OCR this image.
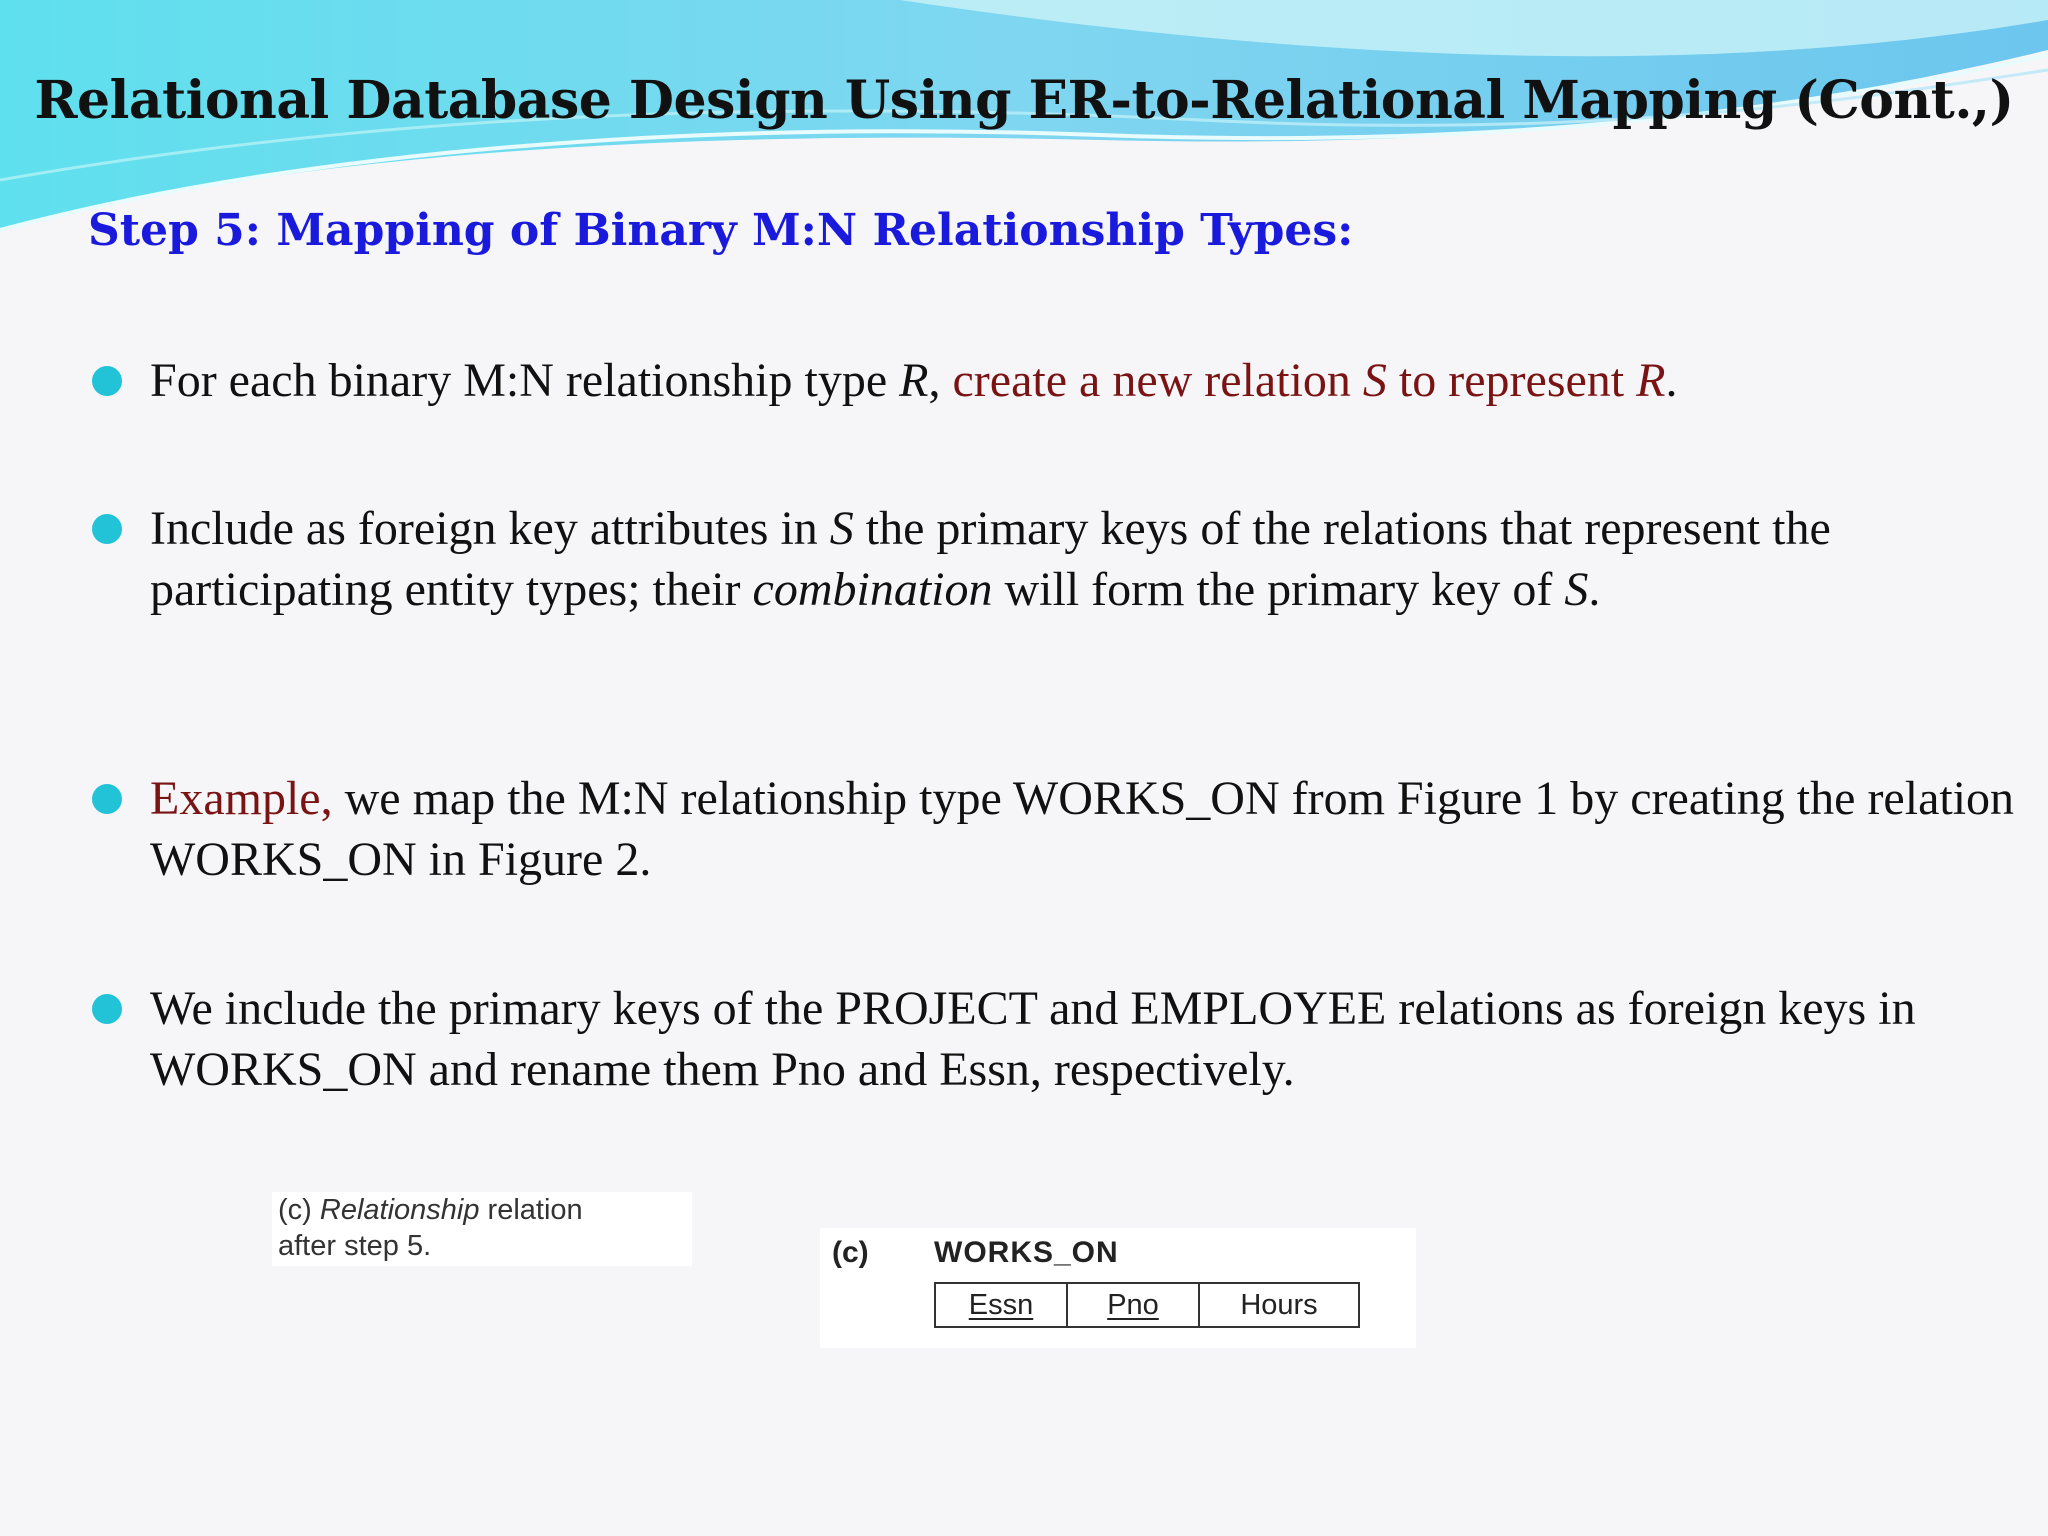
Relational Database Design Using ER-to-Relational Mapping (Cont.,)
Step 5: Mapping of Binary M:N Relationship Types:
For each binary M:N relationship type R, create a new relation S to represent R.
Include as foreign key attributes in S the primary keys of the relations that represent the participating entity types; their combination will form the primary key of S.
Example, we map the M:N relationship type WORKS_ON from Figure 1 by creating the relation WORKS_ON in Figure 2.
We include the primary keys of the PROJECT and EMPLOYEE relations as foreign keys in WORKS_ON and rename them Pno and Essn, respectively.
(c) Relationship relation
after step 5.	(c) WORKS_ON
Essn	Pno	Hours
